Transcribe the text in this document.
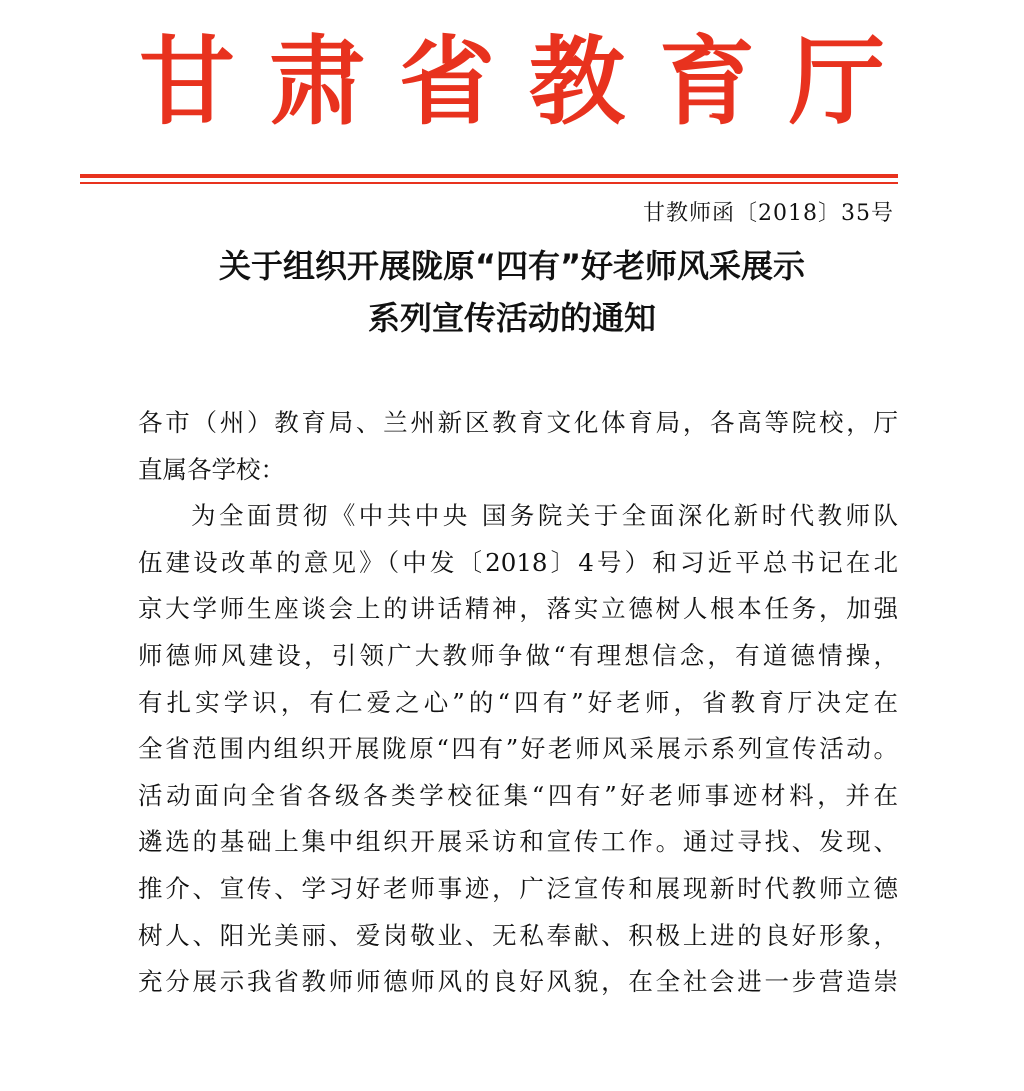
甘肃省教育厅
甘教师函〔2018〕35号
关于组织开展陇原“四有”好老师风采展示
系列宣传活动的通知
各市（州）教育局、兰州新区教育文化体育局，各高等院校，厅
直属各学校：
为全面贯彻《中共中央 国务院关于全面深化新时代教师队
伍建设改革的意见》（中发〔2018〕4号）和习近平总书记在北
京大学师生座谈会上的讲话精神，落实立德树人根本任务，加强
师德师风建设，引领广大教师争做“有理想信念，有道德情操，
有扎实学识，有仁爱之心”的“四有”好老师，省教育厅决定在
全省范围内组织开展陇原“四有”好老师风采展示系列宣传活动。
活动面向全省各级各类学校征集“四有”好老师事迹材料，并在
遴选的基础上集中组织开展采访和宣传工作。通过寻找、发现、
推介、宣传、学习好老师事迹，广泛宣传和展现新时代教师立德
树人、阳光美丽、爱岗敬业、无私奉献、积极上进的良好形象，
充分展示我省教师师德师风的良好风貌，在全社会进一步营造崇
